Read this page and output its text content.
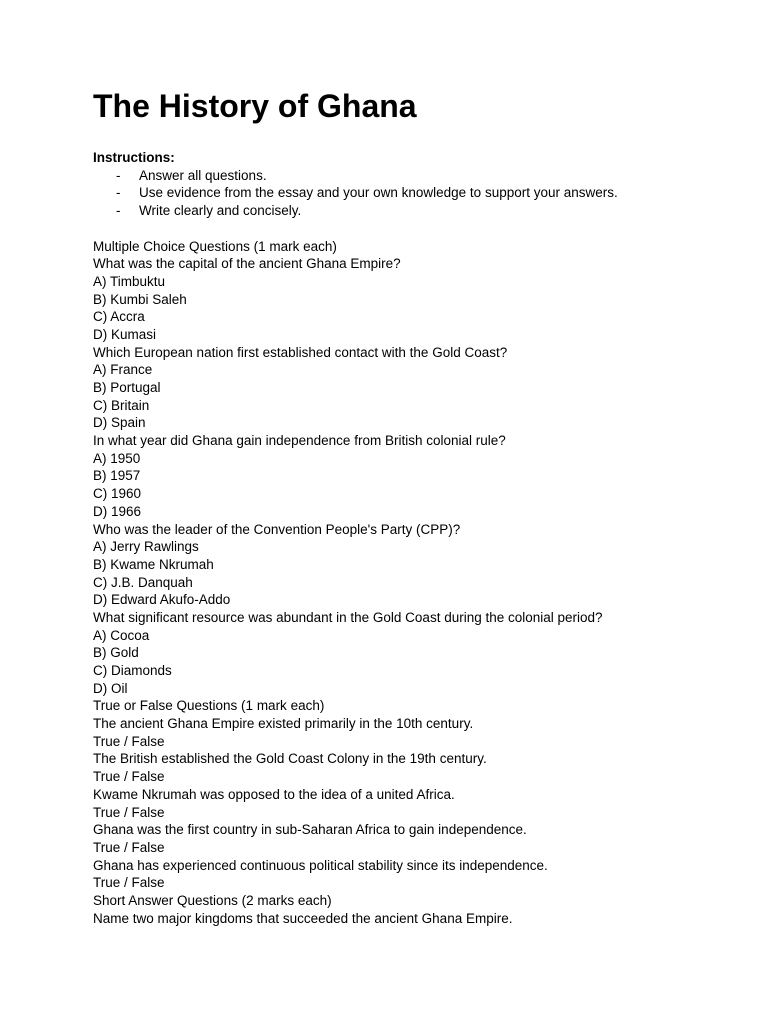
The History of Ghana
Instructions:
- Answer all questions.
- Use evidence from the essay and your own knowledge to support your answers.
- Write clearly and concisely.
Multiple Choice Questions (1 mark each)
What was the capital of the ancient Ghana Empire?
A) Timbuktu
B) Kumbi Saleh
C) Accra
D) Kumasi
Which European nation first established contact with the Gold Coast?
A) France
B) Portugal
C) Britain
D) Spain
In what year did Ghana gain independence from British colonial rule?
A) 1950
B) 1957
C) 1960
D) 1966
Who was the leader of the Convention People's Party (CPP)?
A) Jerry Rawlings
B) Kwame Nkrumah
C) J.B. Danquah
D) Edward Akufo-Addo
What significant resource was abundant in the Gold Coast during the colonial period?
A) Cocoa
B) Gold
C) Diamonds
D) Oil
True or False Questions (1 mark each)
The ancient Ghana Empire existed primarily in the 10th century.
True / False
The British established the Gold Coast Colony in the 19th century.
True / False
Kwame Nkrumah was opposed to the idea of a united Africa.
True / False
Ghana was the first country in sub-Saharan Africa to gain independence.
True / False
Ghana has experienced continuous political stability since its independence.
True / False
Short Answer Questions (2 marks each)
Name two major kingdoms that succeeded the ancient Ghana Empire.
